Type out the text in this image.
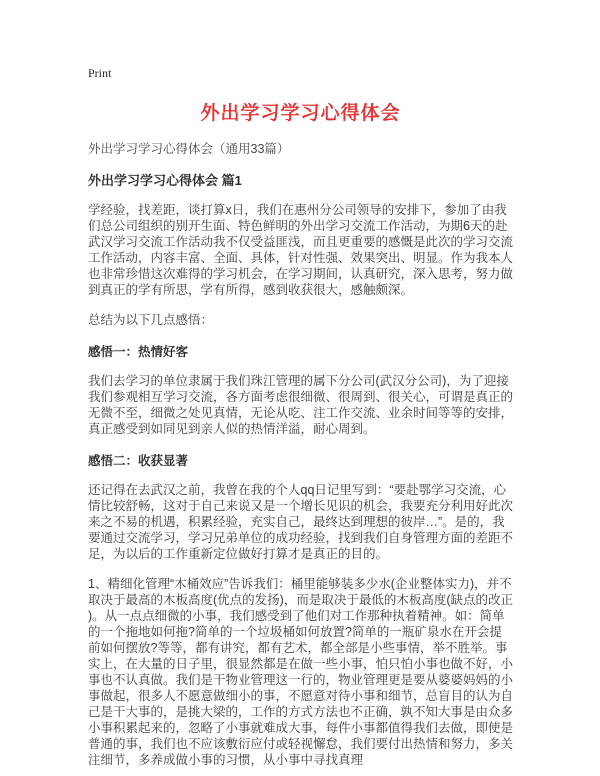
Print
外出学习学习心得体会
外出学习学习心得体会（通用33篇）
外出学习学习心得体会 篇1

学经验，找差距，谈打算x日，我们在惠州分公司领导的安排下，参加了由我们总公司组织的别开生面、特色鲜明的外出学习交流工作活动，为期6天的赴武汉学习交流工作活动我不仅受益匪浅，而且更重要的感慨是此次的学习交流工作活动，内容丰富、全面、具体，针对性强、效果突出、明显。作为我本人也非常珍惜这次难得的学习机会，在学习期间，认真研究，深入思考，努力做到真正的学有所思，学有所得，感到收获很大，感触颇深。

总结为以下几点感悟：

感悟一：热情好客

我们去学习的单位隶属于我们珠江管理的属下分公司(武汉分公司)，为了迎接我们参观相互学习交流，各方面考虑很细微、很周到、很关心，可谓是真正的无微不至，细微之处见真情，无论从吃、注工作交流、业余时间等等的安排，真正感受到如同见到亲人似的热情洋溢，耐心周到。

感悟二：收获显著

还记得在去武汉之前，我曾在我的个人qq日记里写到：“要赴鄂学习交流，心情比较舒畅，这对于自己来说又是一个增长见识的机会，我要充分利用好此次来之不易的机遇，积累经验，充实自己，最终达到理想的彼岸…”。是的，我要通过交流学习，学习兄弟单位的成功经验，找到我们自身管理方面的差距不足，为以后的工作重新定位做好打算才是真正的目的。

1、精细化管理“木桶效应”告诉我们：桶里能够装多少水(企业整体实力)，并不取决于最高的木板高度(优点的发扬)，而是取决于最低的木板高度(缺点的改正)。从一点点细微的小事，我们感受到了他们对工作那种执着精神。如：简单的一个拖地如何拖?简单的一个垃圾桶如何放置?简单的一瓶矿泉水在开会提前如何摆放?等等，都有讲究，都有艺术，都全部是小些事情，举不胜举。事实上，在大量的日子里，很显然都是在做一些小事，怕只怕小事也做不好，小事也不认真做。我们是干物业管理这一行的，物业管理更是要从婆婆妈妈的小事做起，很多人不愿意做细小的事，不愿意对待小事和细节，总盲目的认为自己是干大事的，是挑大梁的，工作的方式方法也不正确，孰不知大事是由众多小事积累起来的，忽略了小事就难成大事，每件小事都值得我们去做，即使是普通的事，我们也不应该敷衍应付或轻视懈怠，我们要付出热情和努力，多关注细节，多养成做小事的习惯，从小事中寻找真理
